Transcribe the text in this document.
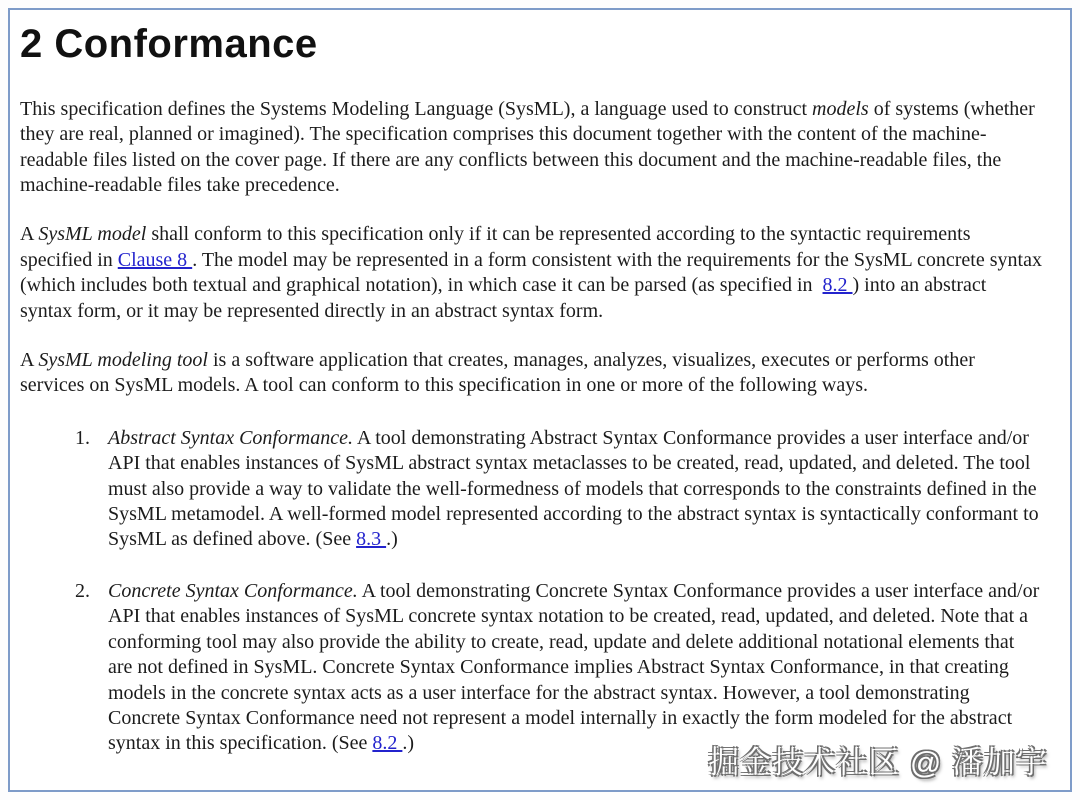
2 Conformance

This specification defines the Systems Modeling Language (SysML), a language used to construct models of systems (whether they are real, planned or imagined). The specification comprises this document together with the content of the machine-readable files listed on the cover page. If there are any conflicts between this document and the machine-readable files, the machine-readable files take precedence.

A SysML model shall conform to this specification only if it can be represented according to the syntactic requirements specified in Clause 8 . The model may be represented in a form consistent with the requirements for the SysML concrete syntax (which includes both textual and graphical notation), in which case it can be parsed (as specified in  8.2 ) into an abstract syntax form, or it may be represented directly in an abstract syntax form.

A SysML modeling tool is a software application that creates, manages, analyzes, visualizes, executes or performs other services on SysML models. A tool can conform to this specification in one or more of the following ways.

1. Abstract Syntax Conformance. A tool demonstrating Abstract Syntax Conformance provides a user interface and/or API that enables instances of SysML abstract syntax metaclasses to be created, read, updated, and deleted. The tool must also provide a way to validate the well-formedness of models that corresponds to the constraints defined in the SysML metamodel. A well-formed model represented according to the abstract syntax is syntactically conformant to SysML as defined above. (See 8.3 .)
2. Concrete Syntax Conformance. A tool demonstrating Concrete Syntax Conformance provides a user interface and/or API that enables instances of SysML concrete syntax notation to be created, read, updated, and deleted. Note that a conforming tool may also provide the ability to create, read, update and delete additional notational elements that are not defined in SysML. Concrete Syntax Conformance implies Abstract Syntax Conformance, in that creating models in the concrete syntax acts as a user interface for the abstract syntax. However, a tool demonstrating Concrete Syntax Conformance need not represent a model internally in exactly the form modeled for the abstract syntax in this specification. (See 8.2 .)
掘金技术社区 @ 潘加宇
